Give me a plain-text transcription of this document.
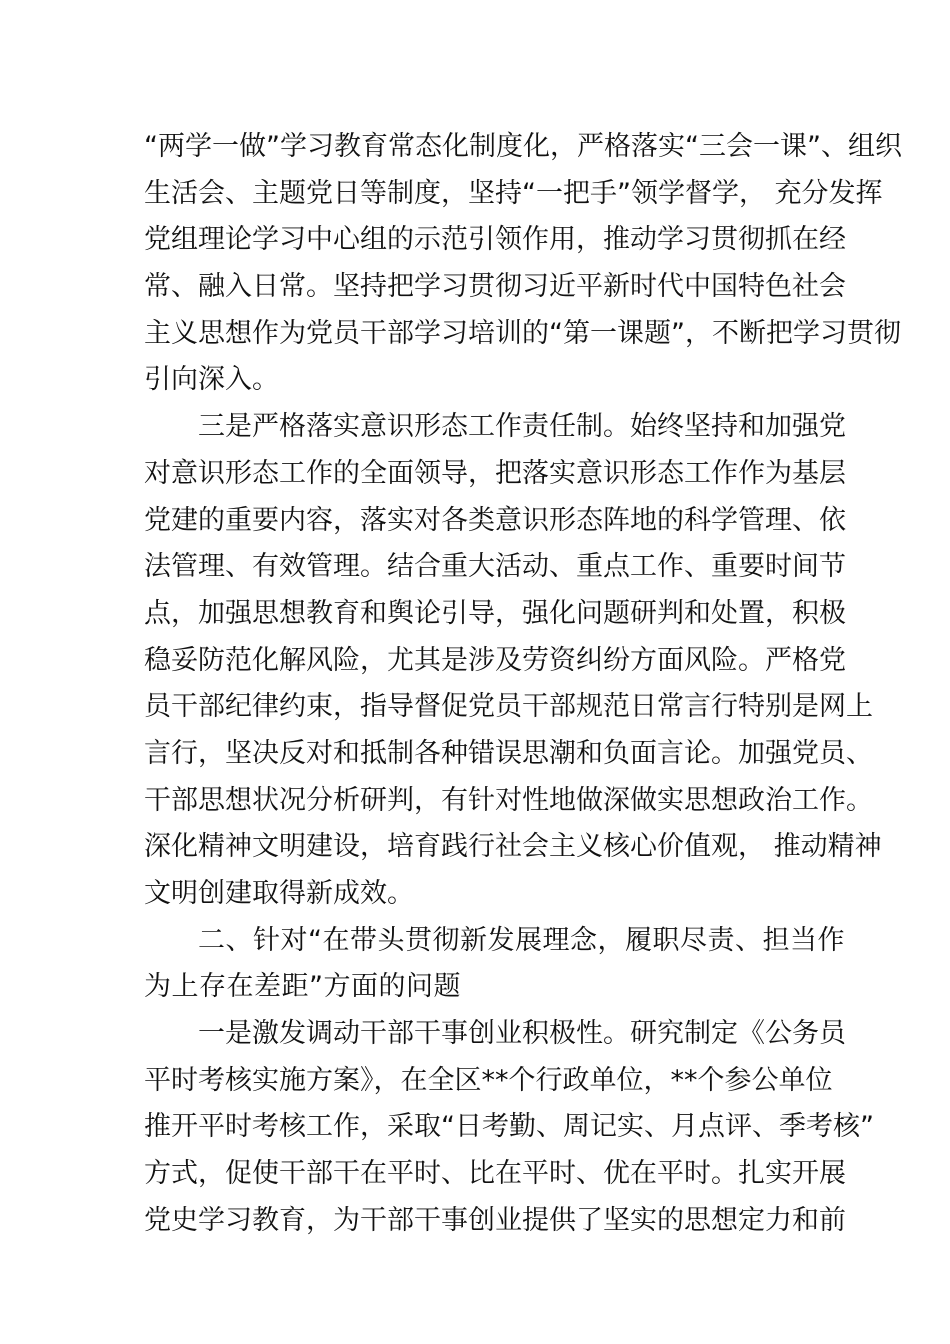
“两学一做”学习教育常态化制度化，严格落实“三会一课”、组织
生活会、主题党日等制度，坚持“一把手”领学督学， 充分发挥
党组理论学习中心组的示范引领作用，推动学习贯彻抓在经
常、融入日常。坚持把学习贯彻习近平新时代中国特色社会
主义思想作为党员干部学习培训的“第一课题”，不断把学习贯彻
引向深入。
三是严格落实意识形态工作责任制。始终坚持和加强党
对意识形态工作的全面领导，把落实意识形态工作作为基层
党建的重要内容，落实对各类意识形态阵地的科学管理、依
法管理、有效管理。结合重大活动、重点工作、重要时间节
点，加强思想教育和舆论引导，强化问题研判和处置，积极
稳妥防范化解风险，尤其是涉及劳资纠纷方面风险。严格党
员干部纪律约束，指导督促党员干部规范日常言行特别是网上
言行，坚决反对和抵制各种错误思潮和负面言论。加强党员、
干部思想状况分析研判，有针对性地做深做实思想政治工作。
深化精神文明建设，培育践行社会主义核心价值观， 推动精神
文明创建取得新成效。
二、针对“在带头贯彻新发展理念，履职尽责、担当作
为上存在差距”方面的问题
一是激发调动干部干事创业积极性。研究制定《公务员
平时考核实施方案》，在全区**个行政单位，**个参公单位
推开平时考核工作，采取“日考勤、周记实、月点评、季考核”
方式，促使干部干在平时、比在平时、优在平时。扎实开展
党史学习教育，为干部干事创业提供了坚实的思想定力和前
